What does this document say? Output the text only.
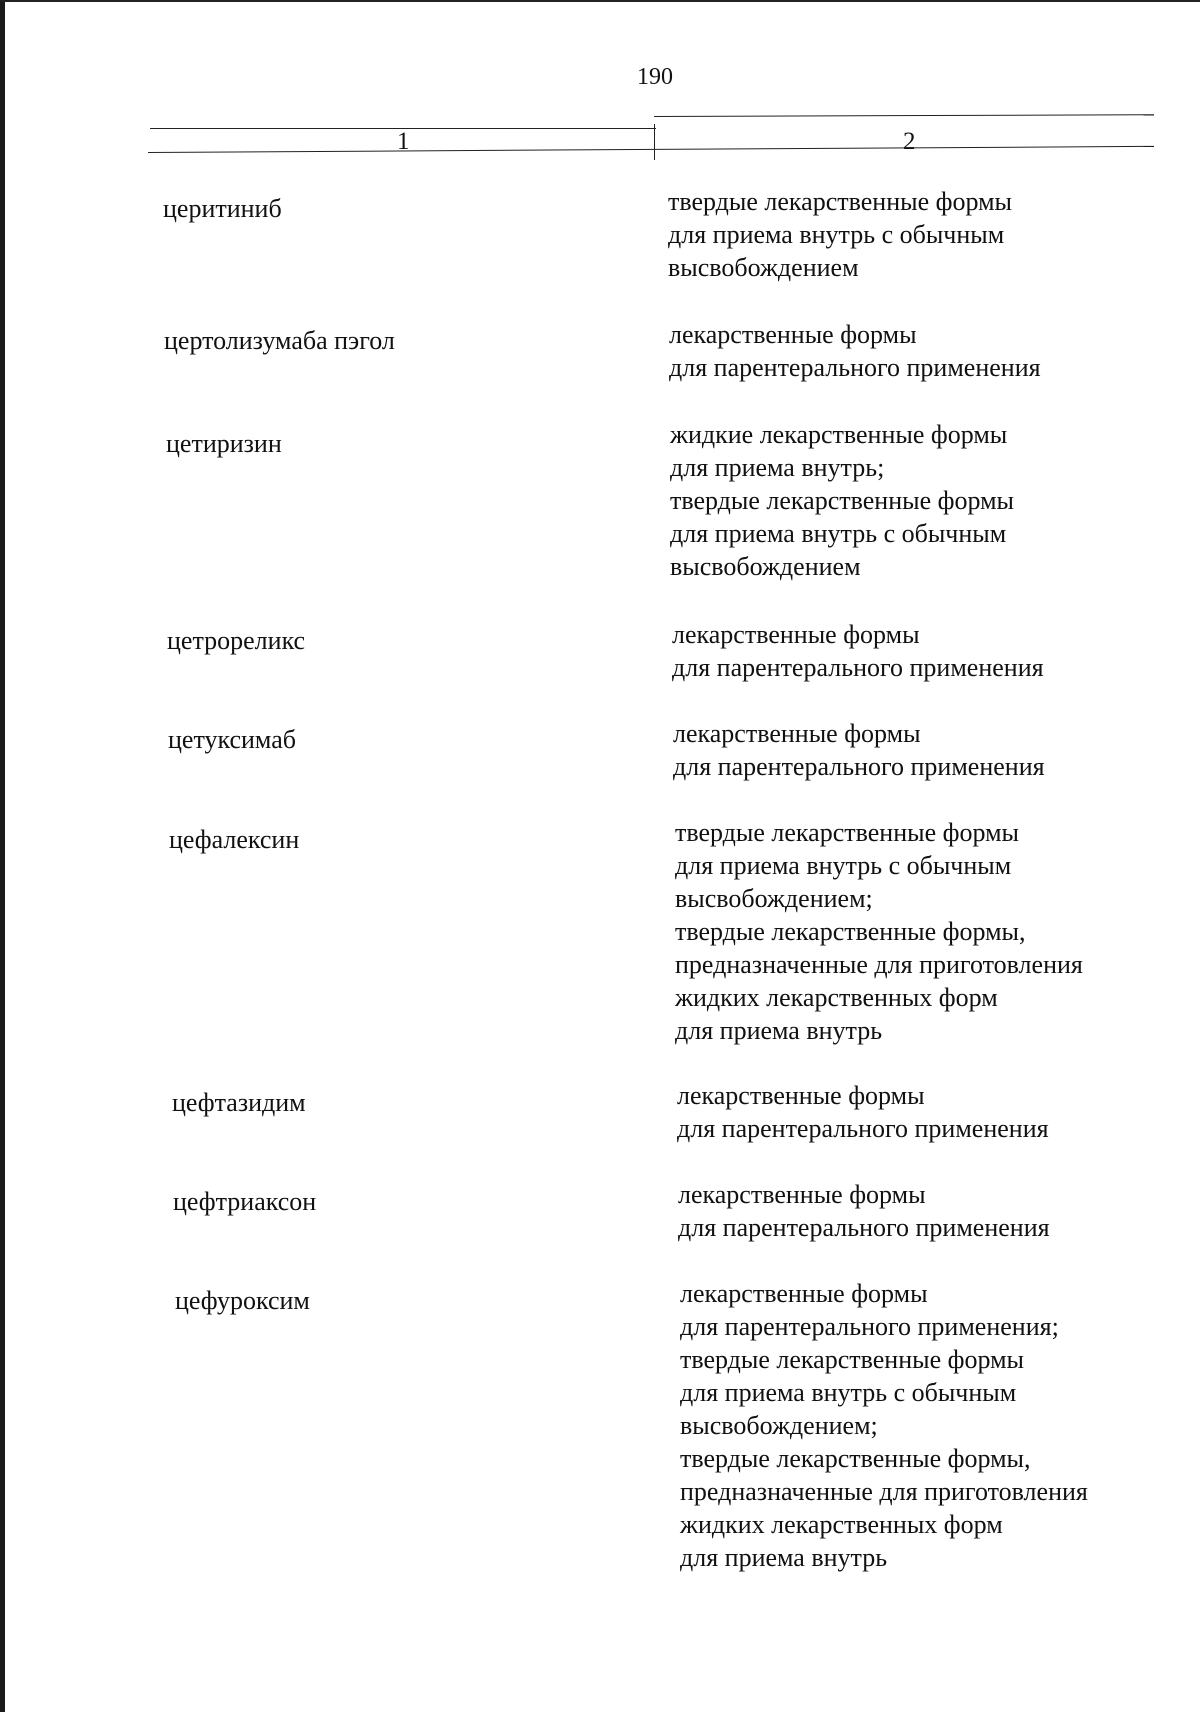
190
1	2
церитиниб	твердые лекарственные формы
для приема внутрь с обычным
высвобождением
цертолизумаба пэгол	лекарственные формы
для парентерального применения
цетиризин	жидкие лекарственные формы
для приема внутрь;
твердые лекарственные формы
для приема внутрь с обычным
высвобождением
цетрореликс	лекарственные формы
для парентерального применения
цетуксимаб	лекарственные формы
для парентерального применения
цефалексин	твердые лекарственные формы
для приема внутрь с обычным
высвобождением;
твердые лекарственные формы,
предназначенные для приготовления
жидких лекарственных форм
для приема внутрь
цефтазидим	лекарственные формы
для парентерального применения
цефтриаксон	лекарственные формы
для парентерального применения
цефуроксим	лекарственные формы
для парентерального применения;
твердые лекарственные формы
для приема внутрь с обычным
высвобождением;
твердые лекарственные формы,
предназначенные для приготовления
жидких лекарственных форм
для приема внутрь
